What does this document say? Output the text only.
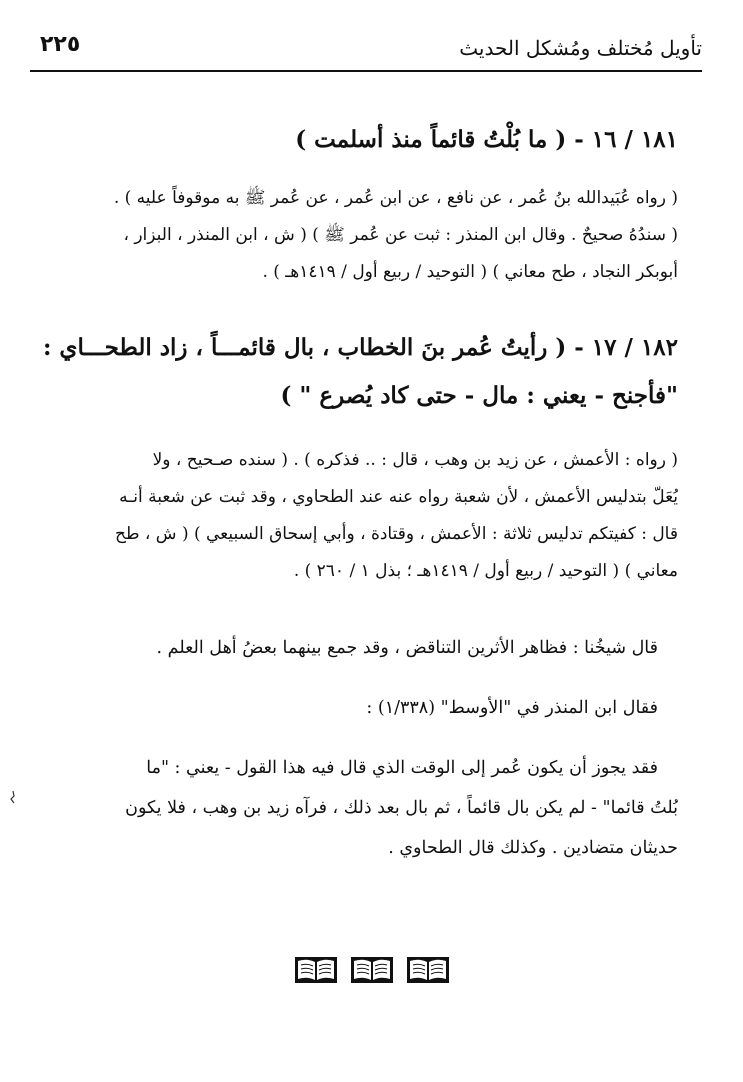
٢٢٥	تأويل مُختلف ومُشكل الحديث
١٨١ / ١٦ - ( ما بُلْتُ قائماً منذ أسلمت )
( رواه عُبَيدالله بنُ عُمر ، عن نافع ، عن ابن عُمر ، عن عُمر ﷺ به موقوفاً عليه ) .
( سندُهُ صحيحٌ . وقال ابن المنذر : ثبت عن عُمر ﷺ ) ( ش ، ابن المنذر ، البزار ،
أبوبكر النجاد ، طح معاني ) ( التوحيد / ربيع أول / ١٤١٩هـ ) .
١٨٢ / ١٧ - ( رأيتُ عُمر بنَ الخطاب ، بال قائمـــاً ، زاد الطحـــاي :
"فأجنح - يعني : مال - حتى كاد يُصرع " )
( رواه : الأعمش ، عن زيد بن وهب ، قال : .. فذكره ) . ( سنده صـحيح ، ولا
يُعَلّ بتدليس الأعمش ، لأن شعبة رواه عنه عند الطحاوي ، وقد ثبت عن شعبة أنـه
قال : كفيتكم تدليس ثلاثة : الأعمش ، وقتادة ، وأبي إسحاق السبيعي ) ( ش ، طح
معاني ) ( التوحيد / ربيع أول / ١٤١٩هـ ؛ بذل ١ / ٢٦٠ ) .
قال شيخُنا : فظاهر الأثرين التناقض ، وقد جمع بينهما بعضُ أهل العلم .
فقال ابن المنذر في "الأوسط" (١/٣٣٨) :
فقد يجوز أن يكون عُمر إلى الوقت الذي قال فيه هذا القول - يعني : "ما
بُلتُ قائما" - لم يكن بال قائماً ، ثم بال بعد ذلك ، فرآه زيد بن وهب ، فلا يكون
حديثان متضادين . وكذلك قال الطحاوي .
